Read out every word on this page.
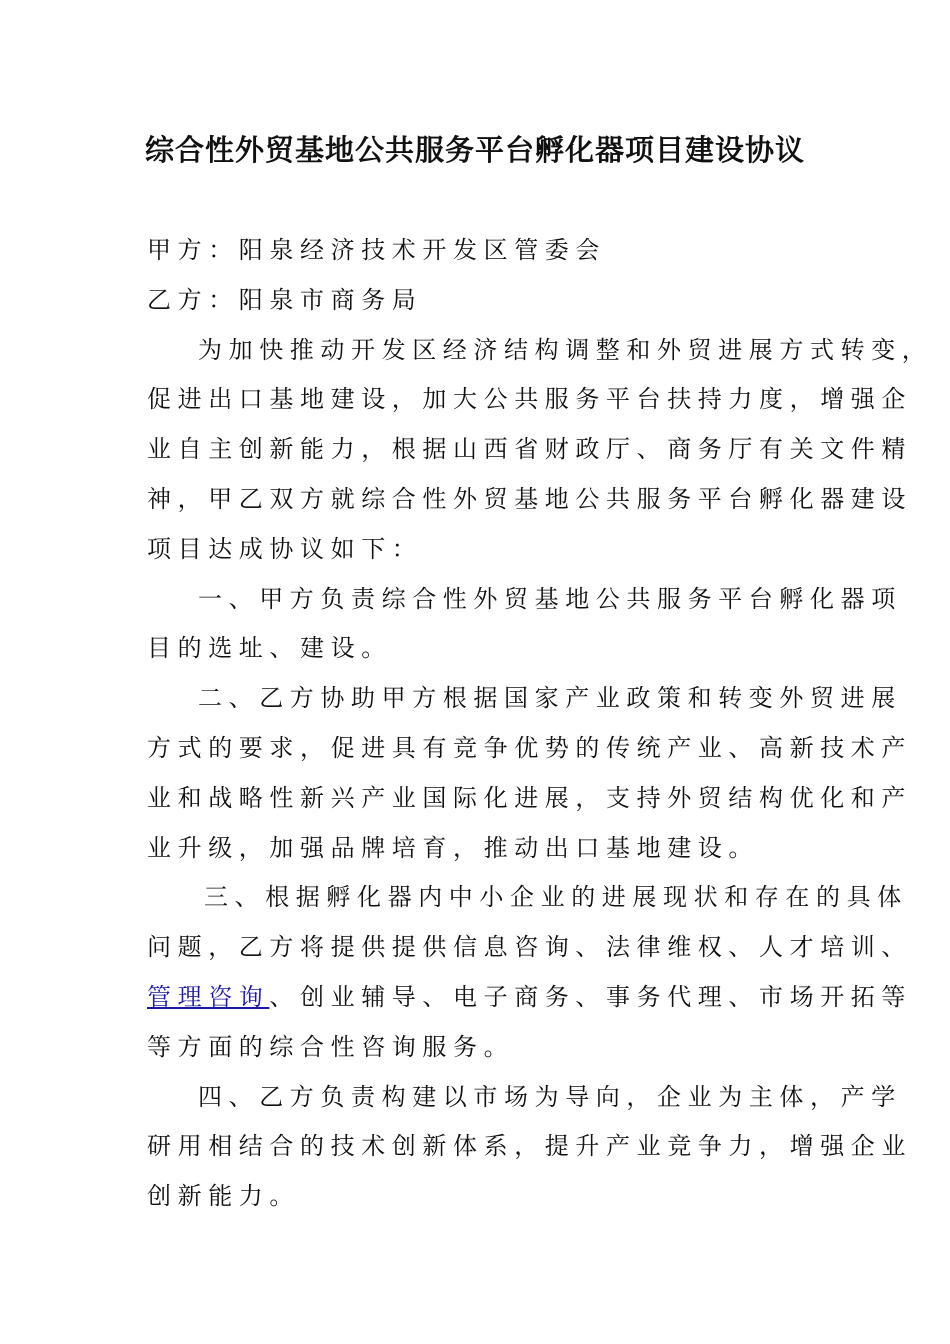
综合性外贸基地公共服务平台孵化器项目建设协议

甲方：阳泉经济技术开发区管委会

乙方：阳泉市商务局

为加快推动开发区经济结构调整和外贸进展方式转变，
促进出口基地建设，加大公共服务平台扶持力度，增强企
业自主创新能力，根据山西省财政厅、商务厅有关文件精
神，甲乙双方就综合性外贸基地公共服务平台孵化器建设
项目达成协议如下：
一、甲方负责综合性外贸基地公共服务平台孵化器项
目的选址、建设。
二、乙方协助甲方根据国家产业政策和转变外贸进展
方式的要求，促进具有竞争优势的传统产业、高新技术产
业和战略性新兴产业国际化进展，支持外贸结构优化和产
业升级，加强品牌培育，推动出口基地建设。
三、根据孵化器内中小企业的进展现状和存在的具体
问题，乙方将提供提供信息咨询、法律维权、人才培训、
管理咨询、创业辅导、电子商务、事务代理、市场开拓等
等方面的综合性咨询服务。
四、乙方负责构建以市场为导向，企业为主体，产学
研用相结合的技术创新体系，提升产业竞争力，增强企业
创新能力。
